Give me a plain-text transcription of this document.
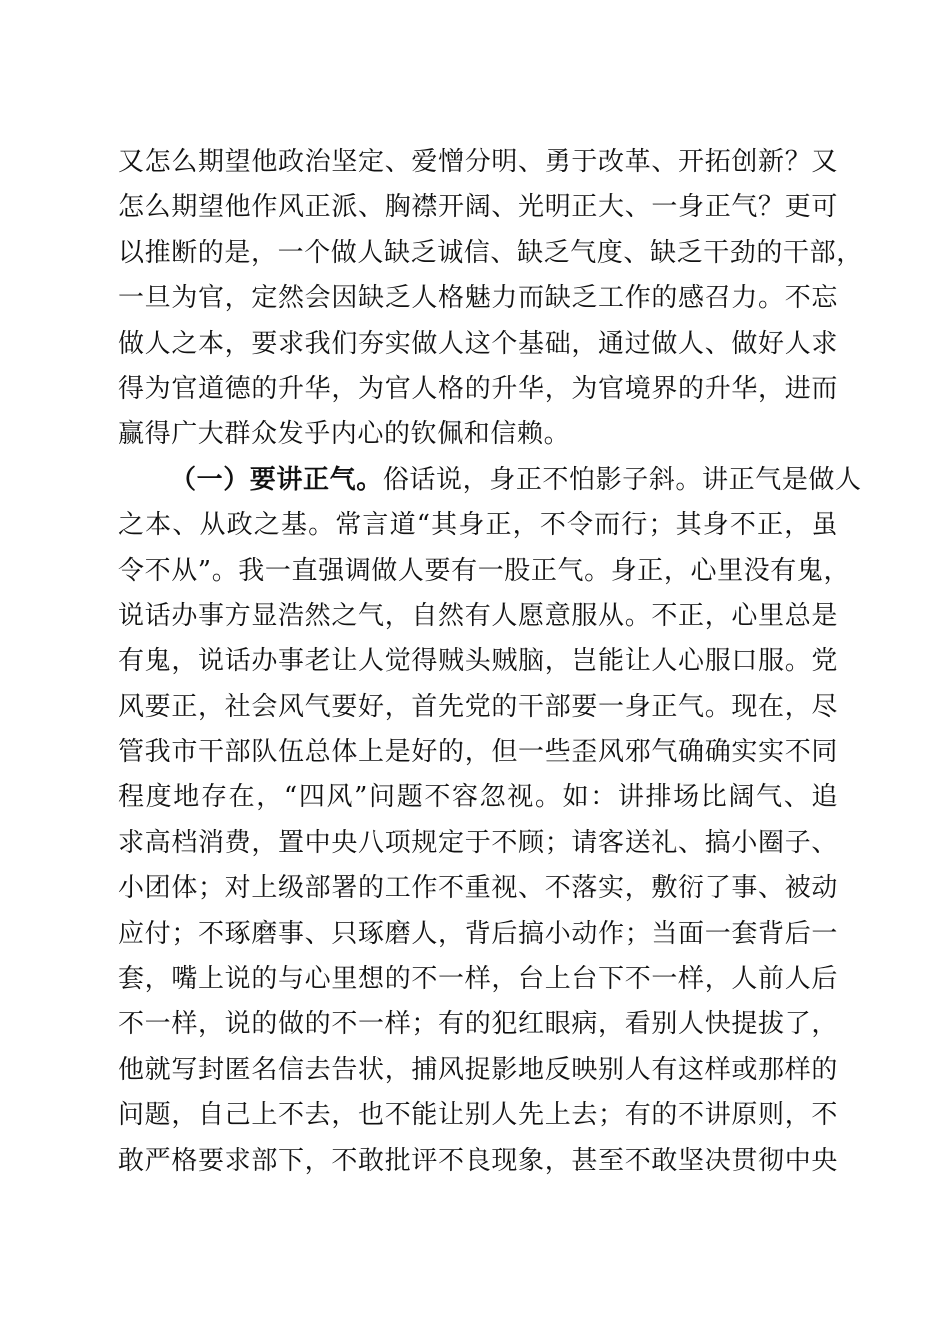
又怎么期望他政治坚定、爱憎分明、勇于改革、开拓创新？又
怎么期望他作风正派、胸襟开阔、光明正大、一身正气？更可
以推断的是，一个做人缺乏诚信、缺乏气度、缺乏干劲的干部，
一旦为官，定然会因缺乏人格魅力而缺乏工作的感召力。不忘
做人之本，要求我们夯实做人这个基础，通过做人、做好人求
得为官道德的升华，为官人格的升华，为官境界的升华，进而
赢得广大群众发乎内心的钦佩和信赖。
（一）要讲正气。俗话说，身正不怕影子斜。讲正气是做人
之本、从政之基。常言道“其身正，不令而行；其身不正，虽
令不从”。我一直强调做人要有一股正气。身正，心里没有鬼，
说话办事方显浩然之气，自然有人愿意服从。不正，心里总是
有鬼，说话办事老让人觉得贼头贼脑，岂能让人心服口服。党
风要正，社会风气要好，首先党的干部要一身正气。现在，尽
管我市干部队伍总体上是好的，但一些歪风邪气确确实实不同
程度地存在，“四风”问题不容忽视。如：讲排场比阔气、追
求高档消费，置中央八项规定于不顾；请客送礼、搞小圈子、
小团体；对上级部署的工作不重视、不落实，敷衍了事、被动
应付；不琢磨事、只琢磨人，背后搞小动作；当面一套背后一
套，嘴上说的与心里想的不一样，台上台下不一样，人前人后
不一样，说的做的不一样；有的犯红眼病，看别人快提拔了，
他就写封匿名信去告状，捕风捉影地反映别人有这样或那样的
问题，自己上不去，也不能让别人先上去；有的不讲原则，不
敢严格要求部下，不敢批评不良现象，甚至不敢坚决贯彻中央
